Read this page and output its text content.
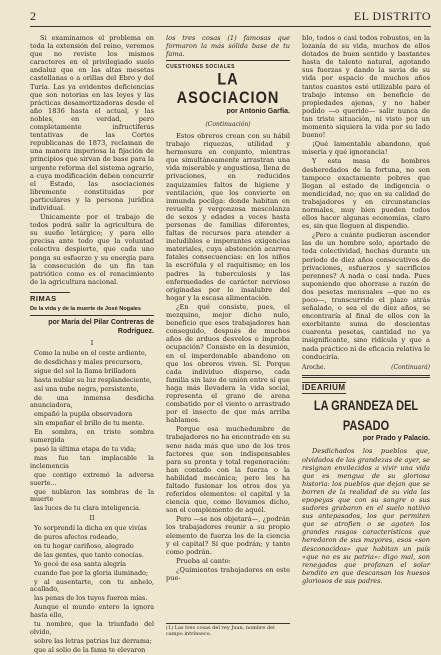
2	EL DISTRITO

Si examinamos el problema en toda la extensión del reino, veremos que no reviste los mismos caracteres en el privilegiado suelo andaluz que en las altas mesetas castellanas o a orillas del Ebro y del Turia. Las ya evidentes deficiencias que son notorias en las leyes y las prácticas desamortizadoras desde el año 1836 hasta el actual, y las nobles, en verdad, pero completamente infructíferas tentativas de las Cortes republicanas de 1873, reclaman de una manera imperiosa la fijación de principios que sirvan de base para la urgente reforma del sistema agrario, a cuya modificación deben concurrir el Estado, las asociaciones libremente constituidas por particulares y la persona jurídica individual.

Únicamente por el trabajo de todos podrá salir la agricultura de su sueño letárgico; y para ello precisa ante todo que la voluntad colectiva despierte, que cada uno ponga su esfuerzo y su energía para la consecución de un fin tan patriótico como es el renacimiento de la agricultura nacional.

RIMAS
De la vida y de la muerte de José Nogales
por María del Pilar Contreras de Rodríguez.

I

Como la nube en el ceste ardiente,

de desdichas y males precursora,

sigue del sol la llama brilladora

hasta nublar su luz resplandeciente,

así una nube negra, persistente,

de una inmensa desdicha anunciadora,

empañó la pupila observadora

sin empañar el brillo de tu mente.

En sombra, en triste sombra sumergida

pasó la última etapa de tu vida;

mas fue tan implacable la inclemencia

que contigo extremó la adversa suerte...

que nublaron las sombras de la muerte

las luces de tu clara inteligencia.

II

Yo sorprendí la dicha en que vivías

de puros afectos rodeado,

en tu hogar cariñoso, alegrado

de las gentes, que tanto conocías.

Yo gocé de esa santa alegría

cuando fue por la gloria iluminado;

y al ausentarte, con tu anhelo, acallado,

las penas de los tuyos fueron mías.

Aunque el mundo entero la ignora hasta ello,

tu nombre, que la triunfado del olvido,

sobre las letras patrias luz derrama;

que al solio de la fama te elevaron

los tres cosas (1) famosas que formaron la más sólida base de tu fama.

CUESTIONES SOCIALES
LA ASOCIACION
por Antonio Garfia.

(Continuación)

Estos obreros crean con su hábil trabajo riquezas, utilidad y hermosura en conjunto, mientras que simultáneamente arrastran una vida miserable y angustiosa, llena de privaciones, en reducidos zaquizamíes faltos de higiene y ventilación, que los convierte en inmunda pocilga: donde habitan en revuelta y vergonzosa mescolanza de sexos y edades a veces hasta personas de familias diferentes, faltas de recursos para atender a ineludibles e imperantes exigencias materiales, cuya abstención acarrea fatales consecuencias: en los niños la escrófula y el raquitismo; en los padres la tuberculosis y las enfermedades de carácter nervioso originadas por lo insalubre del hogar y la escasa alimentación.

¿En qué consiste, pues, el mezquino, mejor dicho nulo, beneficio que esos trabajadores han conseguido, después de muchos años de arduos desvelos e ímproba ocupación? Consiste en la desunión, en el imperdonable abandono en que los obreros viven. Sí. Porque cada individuo disperso, cada familia sin lazo de unión entre sí que haga más llevadera la vida social, representa el grano de arena combatido por el viento o arrastrado por el insecto de que más arriba hablamos.

Porque esa muchedumbre de trabajadores no ha encontrado en su seno nada más que uno de los tres factores que son indispensables para su pronta y total regeneración: han contado con la fuerza o la habilidad mecánica; pero les ha faltado fusionar los otros dos ya referidos elementos: el capital y la ciencia que, como llevamos dicho, son el complemento de aquél.

Pero —se nos objetará—, ¿podrán los trabajadores reunir a su propio elemento de fuerza los de la ciencia y el capital? Sí que podrán; y tanto como podrán.

Prueba al canto:

¿Quimientos trabajadores en este pue-

(1) Las tres cosas del rey Juan, nombre del campo intrínseco.

blo, todos o casi todos robustos, en la lozanía de su vida, muchos de ellos dotados de buen sentido y bastantes hasta de talento natural, agotando sus fuerzas y dando la savia de su vida por espacio de muchos años tantos cuantos esté utilizable para el trabajo intenso en beneficio de propiedades ajenas, y no haber podido —o querido— salir nunca de tan triste situación, ni visto por un momento siquiera la vida por su lado bueno!

¡Qué lamentable abandono, qué miseria y qué ignorancia!

Y esta masa de hombres desheredados de la fortuna, no son tampoco exactamente pobres que llegan al estado de indigencia o mendicidad, no; que en su calidad de trabajadores y en circunstancias normales, muy bien pueden todos ellos hacer algunas economías, claro es, sin que lleguen al dispendio.

¿Pero a cuánto pudieran ascender las de un hombre solo, apartado de toda colectividad, hechas durante un período de diez años consecutivos de privaciones, esfuerzos y sacrificios perennes? A nada o casi nada. Pues suponiendo que ahorrase a razón de dos pesetas mensuales —que no es poco—, transcurrido el plazo atrás señalado, o sea el de diez años, se encontraría al final de ellos con la exorbitante suma de doscientas cuarenta pesetas, cantidad no ya insignificante, sino ridícula y que a nada práctico ni de eficacia relativa le conduciría.

Aroche.	(Continuará)
IDEARIUM
LA GRANDEZA DEL PASADO
por Prado y Palacio.

Desdichados los pueblos que, olvidados de las grandezas de ayer, se resignan envilecidos a vivir una vida que es mengua de su gloriosa historia: los pueblos que dejan que se borren de la realidad de su vida las epopeyas que con su sangre o sus sudores grabaron en el suelo natiivo sus antepasados, los que permiten que se atrofien o se agoten los grandes rasgos característicos que heredaron de sus mayores, esos «son desconocidos» que habitan un país «que no es su patria»: digo mal, son renegados que profanan el solar bendito en que descansan los huesos gloriosos de sus padres.
